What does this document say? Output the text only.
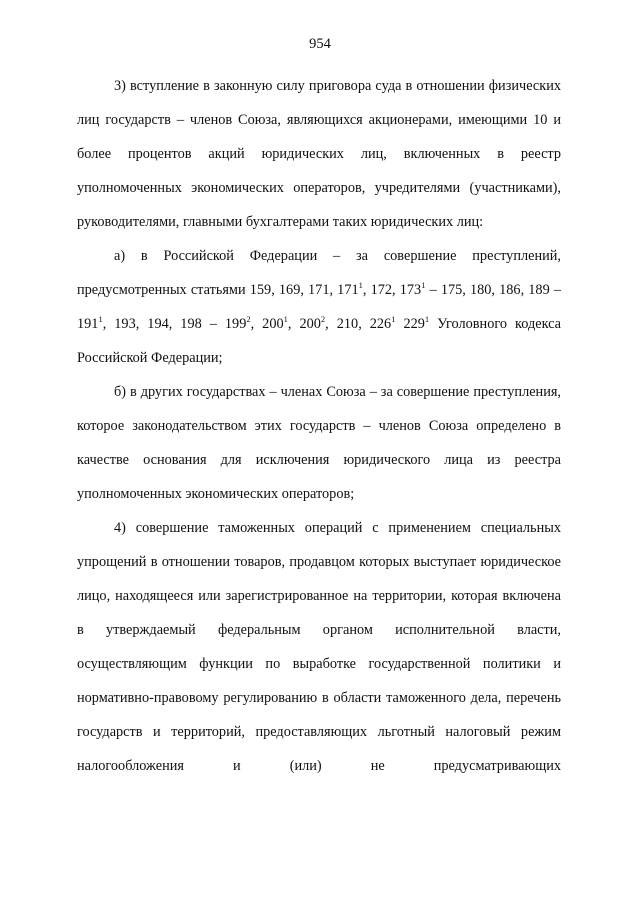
954

3) вступление в законную силу приговора суда в отношении физических лиц государств – членов Союза, являющихся акционерами, имеющими 10 и более процентов акций юридических лиц, включенных в реестр уполномоченных экономических операторов, учредителями (участниками), руководителями, главными бухгалтерами таких юридических лиц:

а) в Российской Федерации – за совершение преступлений, предусмотренных статьями 159, 169, 171, $171^1$, 172, $173^1 - 175$, 180, 186, $189 - 191^1$, 193, 194, $198 - 199^2$, $200^1$, $200^2$, 210, $226^1$ $229^1$ Уголовного кодекса Российской Федерации;

б) в других государствах – членах Союза – за совершение преступления, которое законодательством этих государств – членов Союза определено в качестве основания для исключения юридического лица из реестра уполномоченных экономических операторов;

4) совершение таможенных операций с применением специальных упрощений в отношении товаров, продавцом которых выступает юридическое лицо, находящееся или зарегистрированное на территории, которая включена в утверждаемый федеральным органом исполнительной власти, осуществляющим функции по выработке государственной политики и нормативно-правовому регулированию в области таможенного дела, перечень государств и территорий, предоставляющих льготный налоговый режим налогообложения и (или) не предусматривающих
